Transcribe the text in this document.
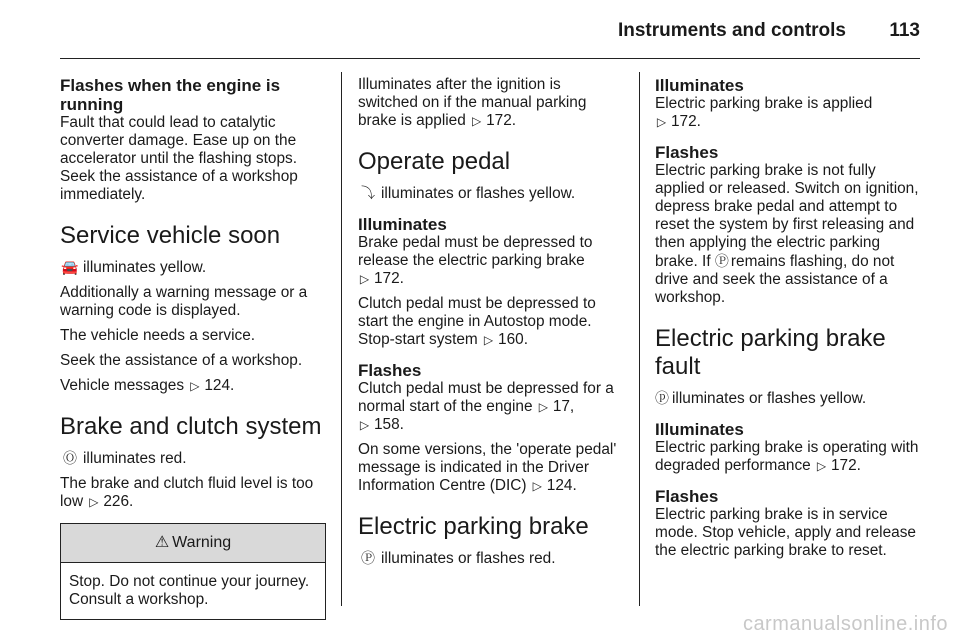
Instruments and controls 113
Flashes when the engine is running

Fault that could lead to catalytic converter damage. Ease up on the accelerator until the flashing stops. Seek the assistance of a workshop immediately.

Service vehicle soon

🚘 illuminates yellow.

Additionally a warning message or a warning code is displayed.

The vehicle needs a service.

Seek the assistance of a workshop.

Vehicle messages ▷ 124.

Brake and clutch system

Ⓞ illuminates red.

The brake and clutch fluid level is too low ▷ 226.

⚠ Warning
Stop. Do not continue your journey. Consult a workshop.

Illuminates after the ignition is switched on if the manual parking brake is applied ▷ 172.

Operate pedal

⤵ illuminates or flashes yellow.

Illuminates

Brake pedal must be depressed to release the electric parking brake
▷ 172.

Clutch pedal must be depressed to start the engine in Autostop mode. Stop-start system ▷ 160.

Flashes

Clutch pedal must be depressed for a normal start of the engine ▷ 17,
▷ 158.

On some versions, the 'operate pedal' message is indicated in the Driver Information Centre (DIC) ▷ 124.

Electric parking brake

Ⓟ illuminates or flashes red.

Illuminates

Electric parking brake is applied
▷ 172.

Flashes

Electric parking brake is not fully applied or released. Switch on ignition, depress brake pedal and attempt to reset the system by first releasing and then applying the electric parking brake. If Ⓟ remains flashing, do not drive and seek the assistance of a workshop.

Electric parking brake fault

ⓟ illuminates or flashes yellow.

Illuminates

Electric parking brake is operating with degraded performance ▷ 172.

Flashes

Electric parking brake is in service mode. Stop vehicle, apply and release the electric parking brake to reset.

carmanualsonline.info
